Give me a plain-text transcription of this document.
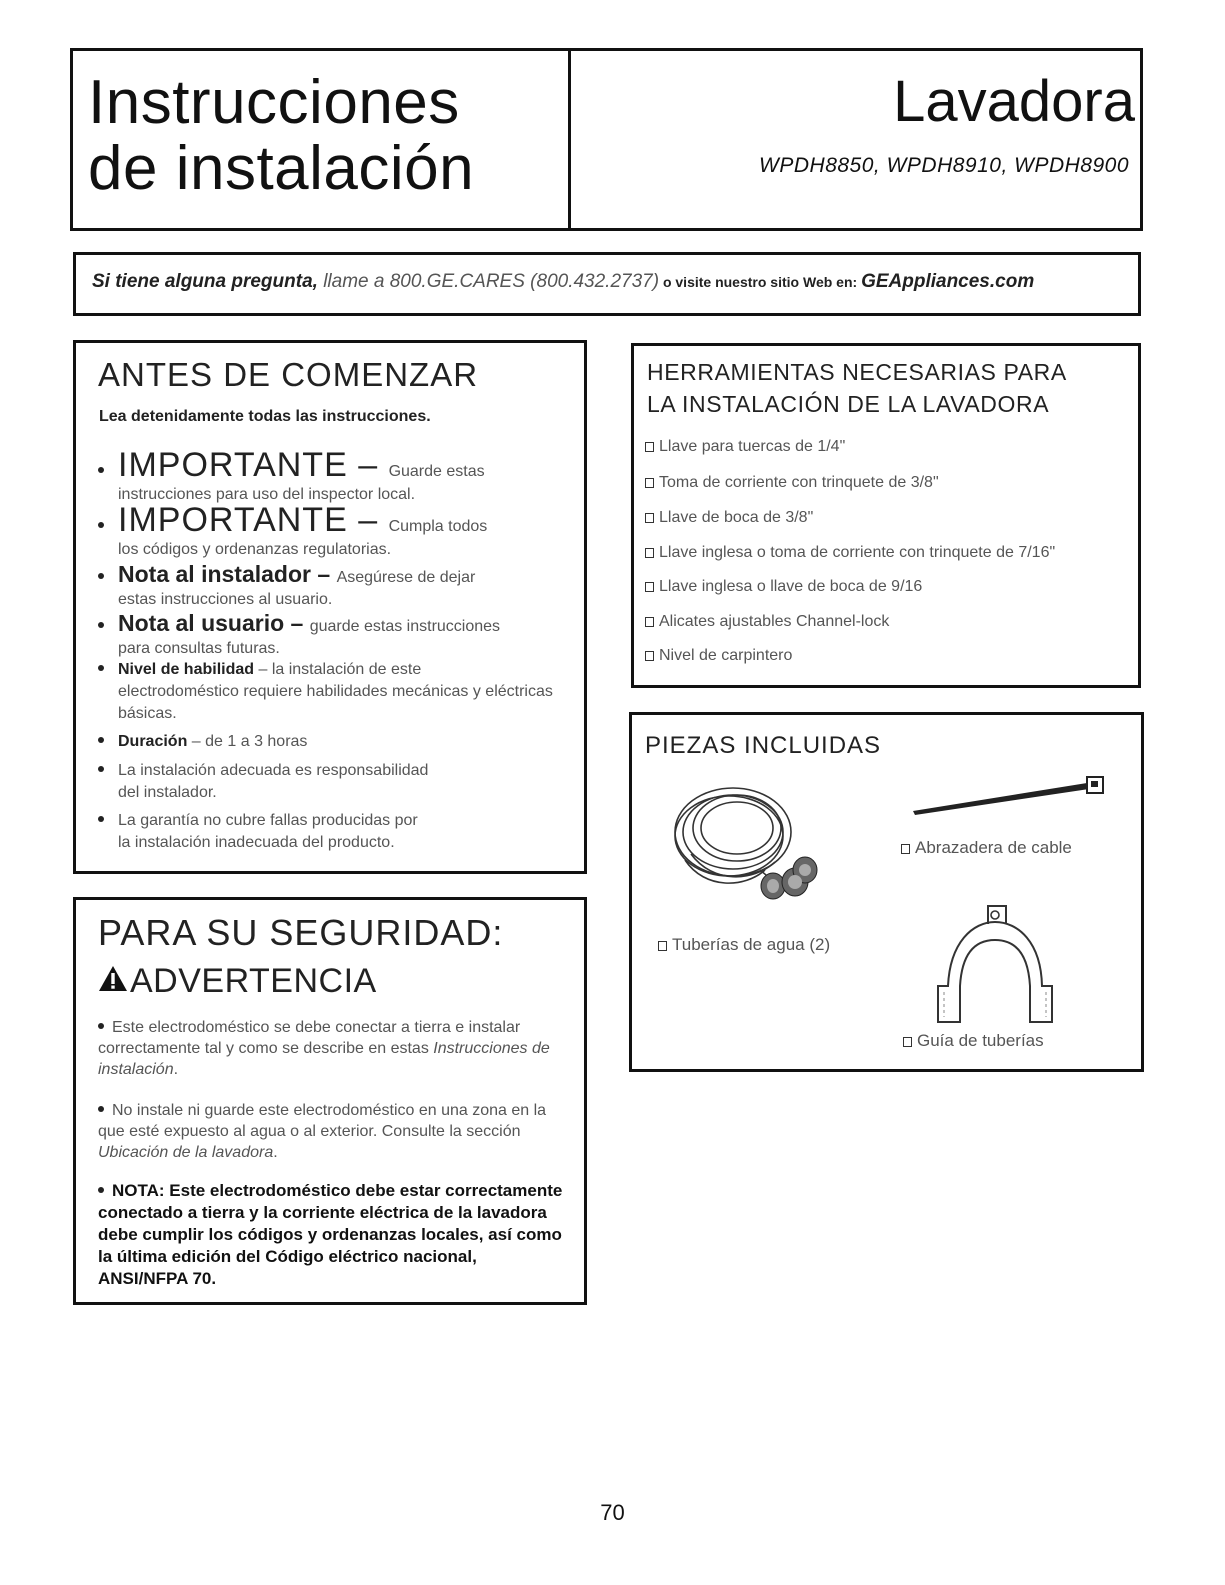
Instrucciones
de instalación
Lavadora
WPDH8850, WPDH8910, WPDH8900
Si tiene alguna pregunta, llame a 800.GE.CARES (800.432.2737) o visite nuestro sitio Web en: GEAppliances.com
ANTES DE COMENZAR
Lea detenidamente todas las instrucciones.
IMPORTANTE – Guarde estas
instrucciones para uso del inspector local.
IMPORTANTE – Cumpla todos
los códigos y ordenanzas regulatorias.
Nota al instalador – Asegúrese de dejar
estas instrucciones al usuario.
Nota al usuario – guarde estas instrucciones
para consultas futuras.
Nivel de habilidad – la instalación de este
electrodoméstico requiere habilidades mecánicas y eléctricas básicas.
Duración – de 1 a 3 horas
La instalación adecuada es responsabilidad
del instalador.
La garantía no cubre fallas producidas por
la instalación inadecuada del producto.
PARA SU SEGURIDAD:
ADVERTENCIA
Este electrodoméstico se debe conectar a tierra e instalar correctamente tal y como se describe en estas Instrucciones de instalación.
No instale ni guarde este electrodoméstico en una zona en la que esté expuesto al agua o al exterior. Consulte la sección Ubicación de la lavadora.
NOTA: Este electrodoméstico debe estar correctamente conectado a tierra y la corriente eléctrica de la lavadora debe cumplir los códigos y ordenanzas locales, así como la última edición del Código eléctrico nacional, ANSI/NFPA 70.
HERRAMIENTAS NECESARIAS PARA
LA INSTALACIÓN DE LA LAVADORA
Llave para tuercas de 1/4"
Toma de corriente con trinquete de 3/8"
Llave de boca de 3/8"
Llave inglesa o toma de corriente con trinquete de 7/16"
Llave inglesa o llave de boca de 9/16
Alicates ajustables Channel-lock
Nivel de carpintero
PIEZAS INCLUIDAS
Abrazadera de cable
Tuberías de agua (2)
Guía de tuberías
70
